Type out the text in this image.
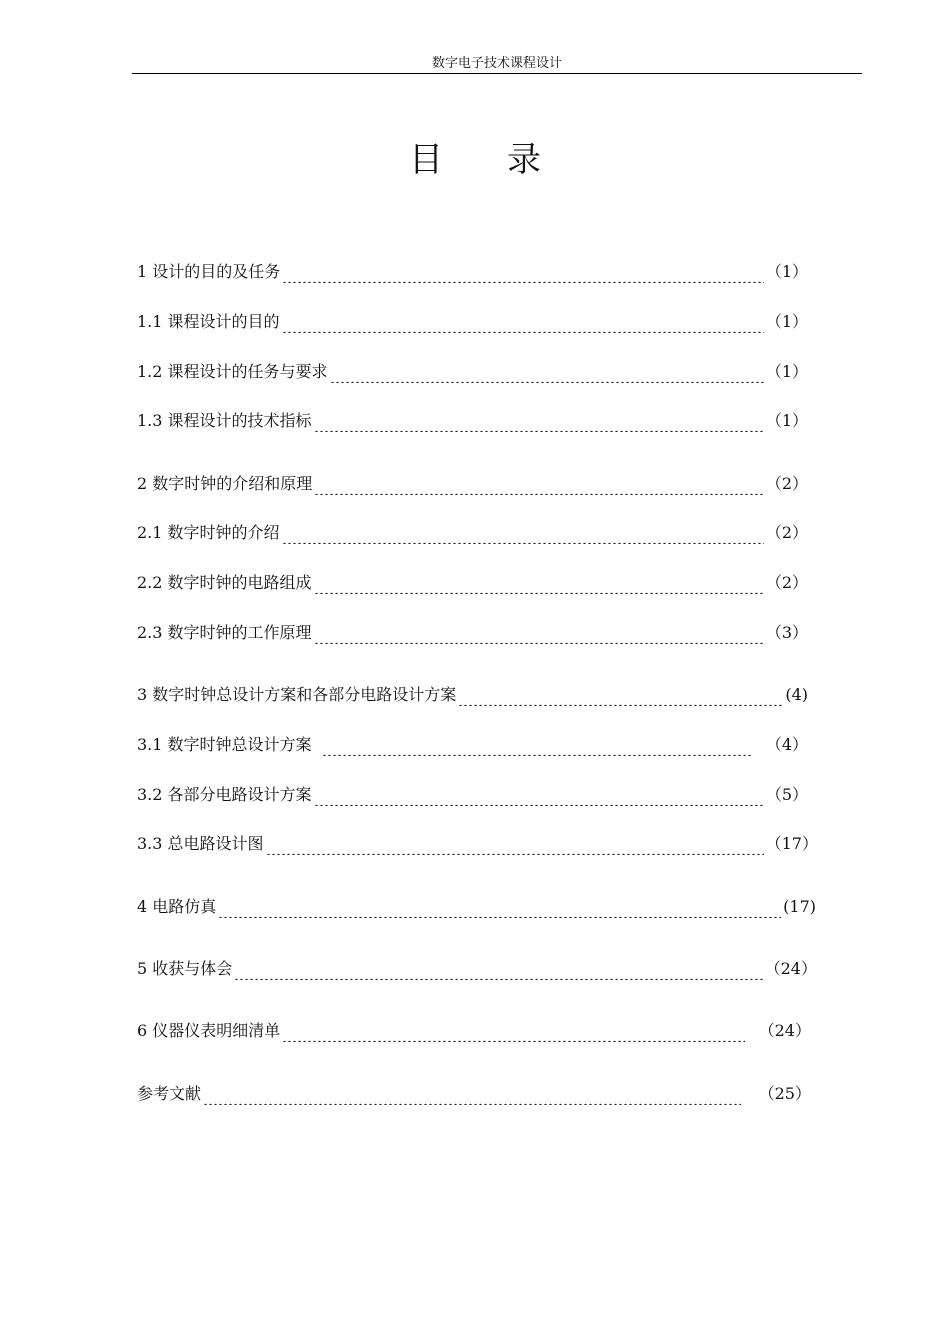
数字电子技术课程设计
目录
1 设计的目的及任务	（1）
1.1 课程设计的目的	（1）
1.2 课程设计的任务与要求	（1）
1.3 课程设计的技术指标	（1）
2 数字时钟的介绍和原理	（2）
2.1 数字时钟的介绍	（2）
2.2 数字时钟的电路组成	（2）
2.3 数字时钟的工作原理	（3）
3 数字时钟总设计方案和各部分电路设计方案	(4)
3.1 数字时钟总设计方案	（4）
3.2 各部分电路设计方案	（5）
3.3 总电路设计图	（17）
4 电路仿真	(17)
5 收获与体会	（24）
6 仪器仪表明细清单	（24）
参考文献	（25）
